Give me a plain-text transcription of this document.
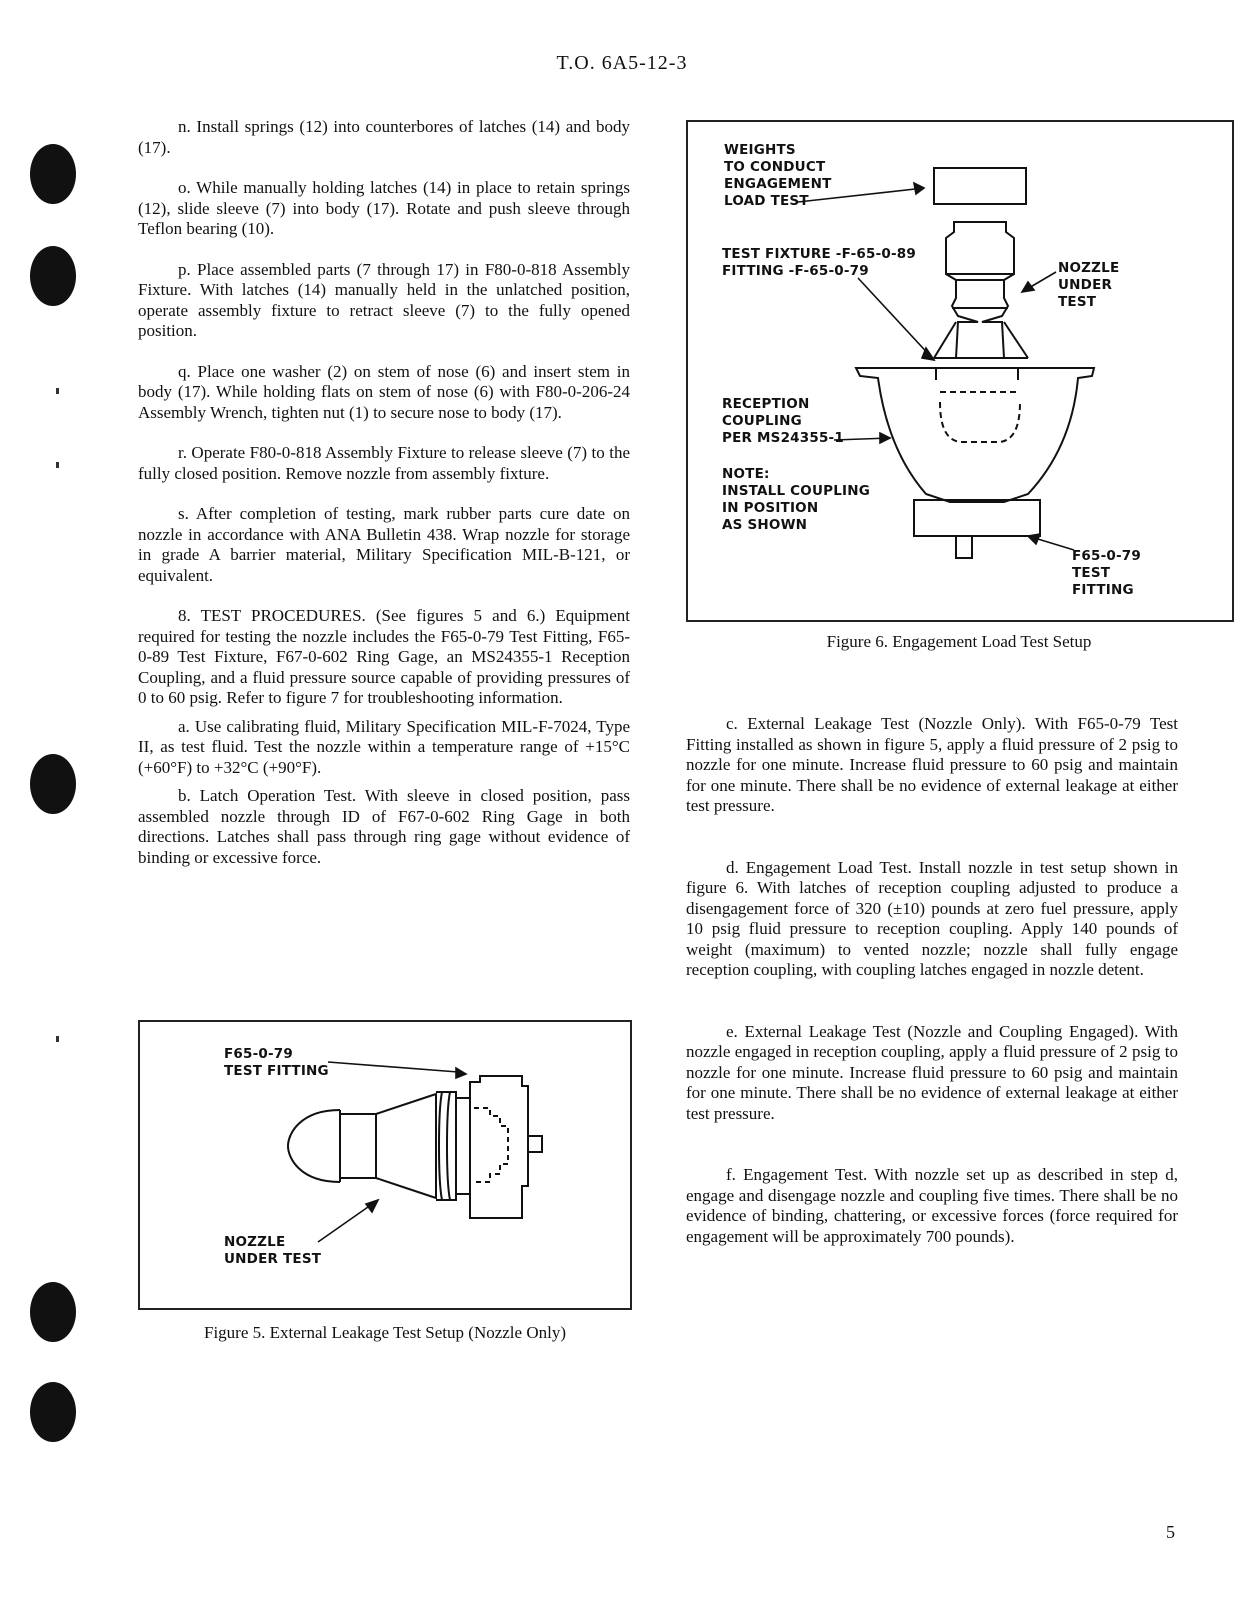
T.O. 6A5-12-3

n. Install springs (12) into counterbores of latches (14) and body (17).

o. While manually holding latches (14) in place to retain springs (12), slide sleeve (7) into body (17). Rotate and push sleeve through Teflon bearing (10).

p. Place assembled parts (7 through 17) in F80-0-818 Assembly Fixture. With latches (14) manually held in the unlatched position, operate assembly fixture to retract sleeve (7) to the fully opened position.

q. Place one washer (2) on stem of nose (6) and insert stem in body (17). While holding flats on stem of nose (6) with F80-0-206-24 Assembly Wrench, tighten nut (1) to secure nose to body (17).

r. Operate F80-0-818 Assembly Fixture to release sleeve (7) to the fully closed position. Remove nozzle from assembly fixture.

s. After completion of testing, mark rubber parts cure date on nozzle in accordance with ANA Bulletin 438. Wrap nozzle for storage in grade A barrier material, Military Specification MIL-B-121, or equivalent.

8. TEST PROCEDURES. (See figures 5 and 6.) Equipment required for testing the nozzle includes the F65-0-79 Test Fitting, F65-0-89 Test Fixture, F67-0-602 Ring Gage, an MS24355-1 Reception Coupling, and a fluid pressure source capable of providing pressures of 0 to 60 psig. Refer to figure 7 for troubleshooting information.

a. Use calibrating fluid, Military Specification MIL-F-7024, Type II, as test fluid. Test the nozzle within a temperature range of +15°C (+60°F) to +32°C (+90°F).

b. Latch Operation Test. With sleeve in closed position, pass assembled nozzle through ID of F67-0-602 Ring Gage in both directions. Latches shall pass through ring gage without evidence of binding or excessive force.

c. External Leakage Test (Nozzle Only). With F65-0-79 Test Fitting installed as shown in figure 5, apply a fluid pressure of 2 psig to nozzle for one minute. Increase fluid pressure to 60 psig and maintain for one minute. There shall be no evidence of external leakage at either test pressure.

d. Engagement Load Test. Install nozzle in test setup shown in figure 6. With latches of reception coupling adjusted to produce a disengagement force of 320 (±10) pounds at zero fuel pressure, apply 10 psig fluid pressure to reception coupling. Apply 140 pounds of weight (maximum) to vented nozzle; nozzle shall fully engage reception coupling, with coupling latches engaged in nozzle detent.

e. External Leakage Test (Nozzle and Coupling Engaged). With nozzle engaged in reception coupling, apply a fluid pressure of 2 psig to nozzle for one minute. Increase fluid pressure to 60 psig and maintain for one minute. There shall be no evidence of external leakage at either test pressure.

f. Engagement Test. With nozzle set up as described in step d, engage and disengage nozzle and coupling five times. There shall be no evidence of binding, chattering, or excessive forces (force required for engagement will be approximately 700 pounds).

WEIGHTS
TO CONDUCT
ENGAGEMENT
LOAD TEST
TEST FIXTURE -F-65-0-89
FITTING -F-65-0-79	NOZZLE
UNDER
TEST
RECEPTION
COUPLING
PER MS24355-1
NOTE:
INSTALL COUPLING
IN POSITION
AS SHOWN
F65-0-79
TEST
FITTING
Figure 6. Engagement Load Test Setup
F65-0-79
TEST FITTING
NOZZLE
UNDER TEST
Figure 5. External Leakage Test Setup (Nozzle Only)
5
